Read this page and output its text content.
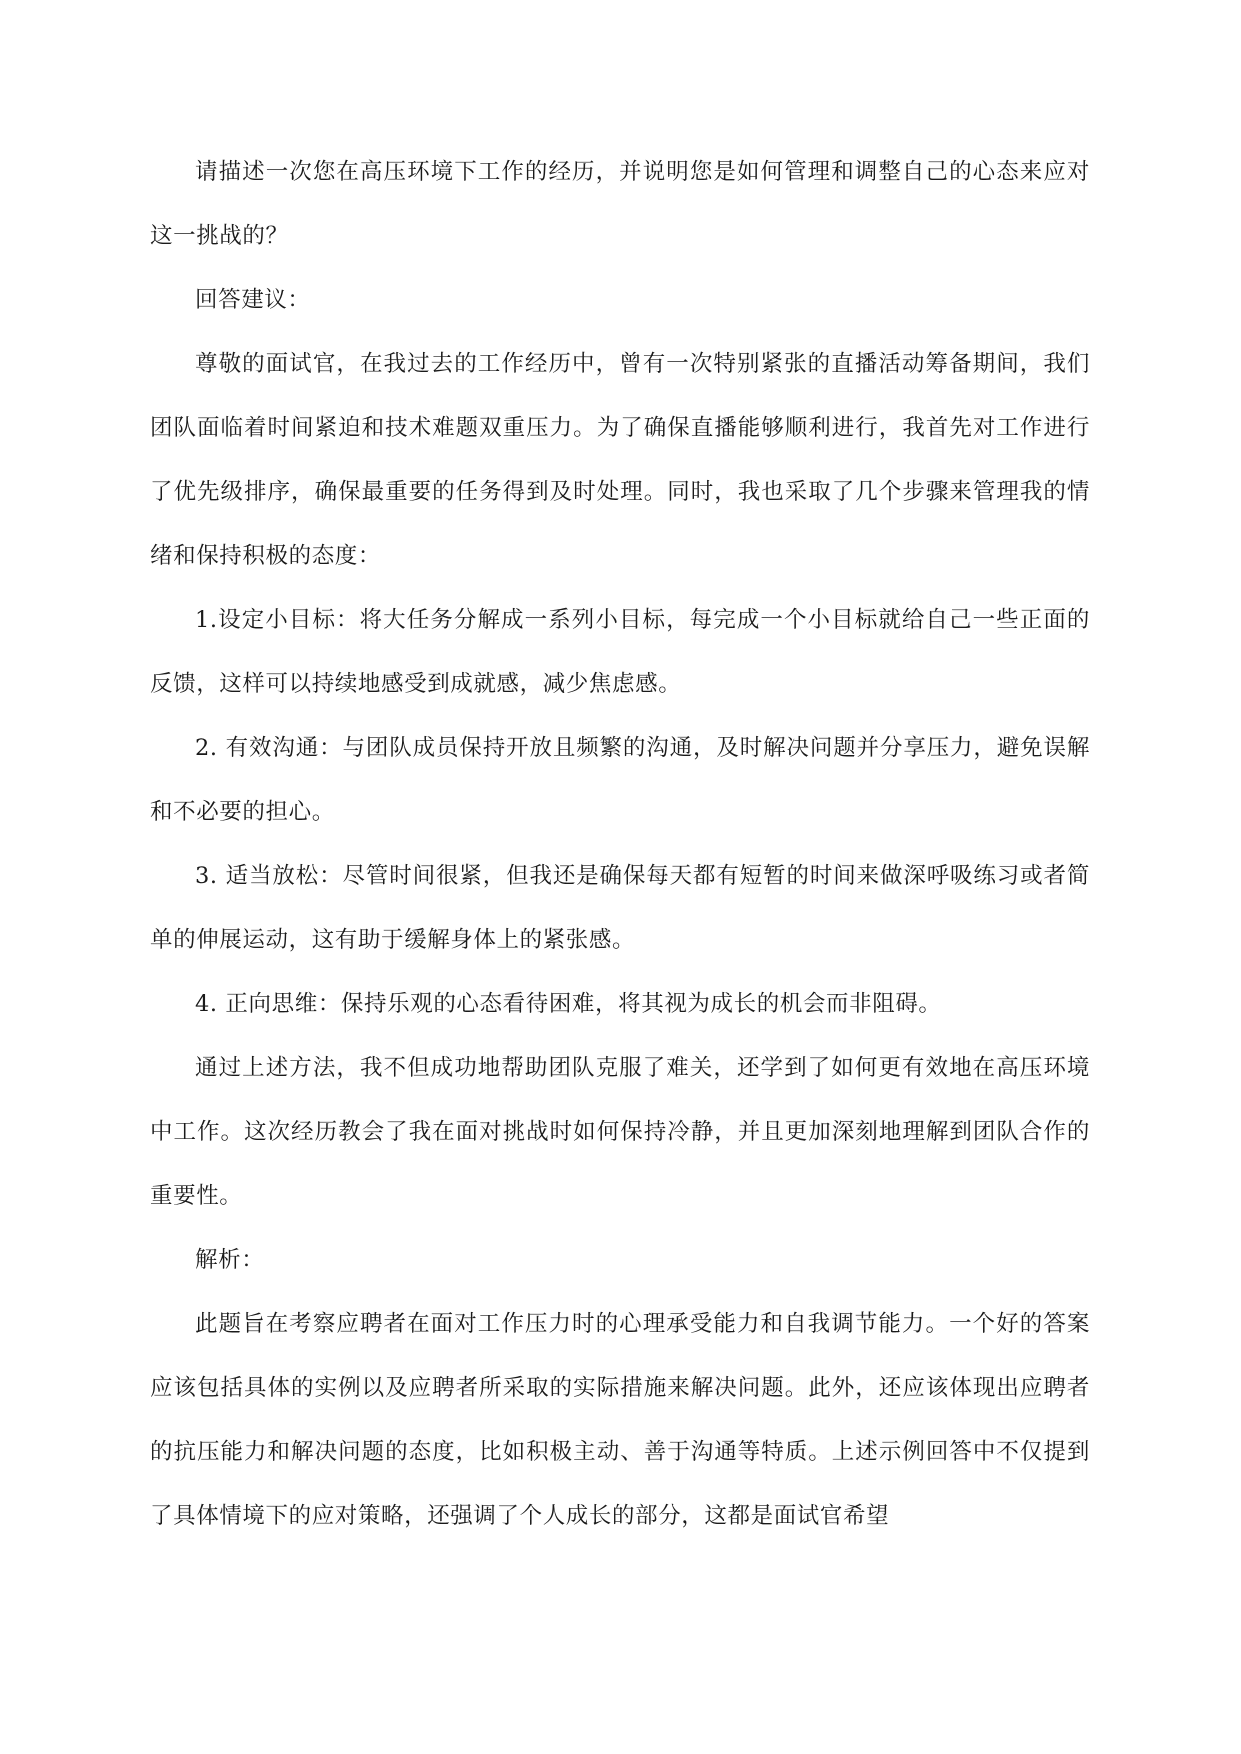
请描述一次您在高压环境下工作的经历，并说明您是如何管理和调整自己的心态来应对这一挑战的？

回答建议：

尊敬的面试官，在我过去的工作经历中，曾有一次特别紧张的直播活动筹备期间，我们团队面临着时间紧迫和技术难题双重压力。为了确保直播能够顺利进行，我首先对工作进行了优先级排序，确保最重要的任务得到及时处理。同时，我也采取了几个步骤来管理我的情绪和保持积极的态度：

1.设定小目标：将大任务分解成一系列小目标，每完成一个小目标就给自己一些正面的反馈，这样可以持续地感受到成就感，减少焦虑感。

2. 有效沟通：与团队成员保持开放且频繁的沟通，及时解决问题并分享压力，避免误解和不必要的担心。

3. 适当放松：尽管时间很紧，但我还是确保每天都有短暂的时间来做深呼吸练习或者简单的伸展运动，这有助于缓解身体上的紧张感。

4. 正向思维：保持乐观的心态看待困难，将其视为成长的机会而非阻碍。

通过上述方法，我不但成功地帮助团队克服了难关，还学到了如何更有效地在高压环境中工作。这次经历教会了我在面对挑战时如何保持冷静，并且更加深刻地理解到团队合作的重要性。

解析：

此题旨在考察应聘者在面对工作压力时的心理承受能力和自我调节能力。一个好的答案应该包括具体的实例以及应聘者所采取的实际措施来解决问题。此外，还应该体现出应聘者的抗压能力和解决问题的态度，比如积极主动、善于沟通等特质。上述示例回答中不仅提到了具体情境下的应对策略，还强调了个人成长的部分，这都是面试官希望
